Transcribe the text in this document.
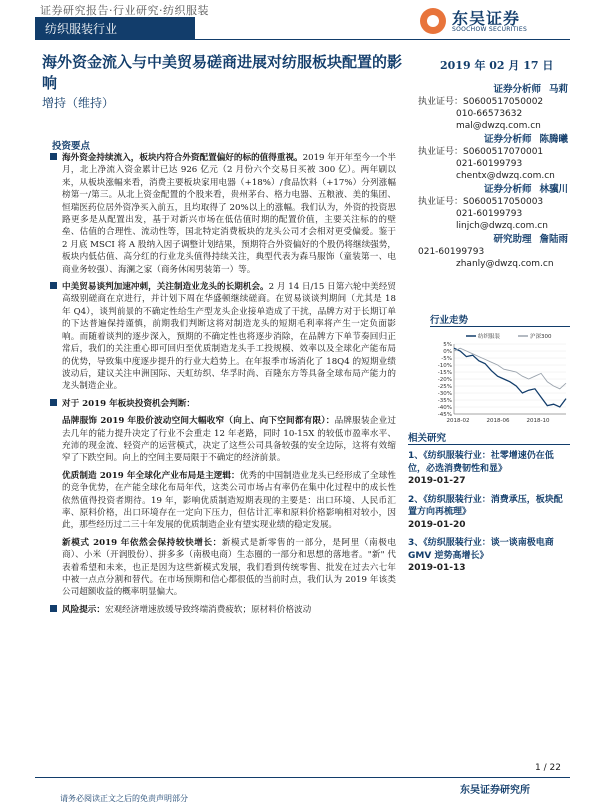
证券研究报告·行业研究·纺织服装
纺织服装行业
东吴证券
SOOCHOW SECURITIES
海外资金流入与中美贸易磋商进展对纺服板块配置的影响
增持（维持）
2019 年 02 月 17 日
证券分析师 马莉
执业证号：S0600517050002
010-66573632
mal@dwzq.com.cn
证券分析师 陈腾曦
执业证号：S0600517070001
021-60199793
chentx@dwzq.com.cn
证券分析师 林骥川
执业证号：S0600517050003
021-60199793
linjch@dwzq.com.cn
研究助理 詹陆雨
021-60199793
zhanly@dwzq.com.cn
投资要点
海外资金持续流入，板块内符合外资配置偏好的标的值得重视。2019 年开年至今一个半月，北上净流入资金累计已达 926 亿元（2 月份六个交易日买被 300 亿）。两年刷以来，从板块涨幅来看，消费主要板块家用电器（+18%）/食品饮料（+17%）分列涨幅榜第一/第三。从北上资金配置的个股来看，贵州茅台、格力电器、五粮液、美的集团、恒瑞医药位居外资净买入前五，且均取得了 20%以上的涨幅。我们认为，外资的投资思路更多是从配置出发，基于对新兴市场在低估值时期的配置价值，主要关注标的的壁垒、估值的合理性、流动性等，国北特定消费板块的龙头公司才会相对更受偏爱。鉴于 2 月底 MSCI 将 A 股纳入因子调整计划结果，预期符合外资偏好的个股仍将继续强势，板块内低估值、高分红的行业龙头值得持续关注，典型代表为森马服饰（童装第一、电商业务较强）、海澜之家（商务休闲男装第一）等。
中美贸易谈判加速冲刺，关注制造业龙头的长期机会。2 月 14 日/15 日第六轮中美经贸高级别磋商在京进行，并计划下周在华盛顿继续磋商。在贸易谈谈判期间（尤其是 18 年 Q4），谈判前景的不确定性给生产型龙头企业接单造成了干扰，品牌方对于长期订单的下达普遍保持谨慎，前期我们判断这将对制造龙头的短期毛利率将产生一定负面影响。而随着谈判的逐步深入，预期的不确定性也将逐步消除，在品牌方下单节奏回归正常后，我们的关注重心即可回归至优质制造龙头手工投规模、效率以及全球化产能布局的优势，导致集中度逐步提升的行业大趋势上。在年报季市场消化了 18Q4 的短期业绩波动后，建议关注申洲国际、天虹纺织、华孚时尚、百隆东方等具备全球布局产能力的龙头制造企业。
对于 2019 年板块投资机会判断：
品牌服饰 2019 年股价波动空间大幅收窄（向上、向下空间都有限）：品牌服装企业过去几年的能力提升决定了行业不会重走 12 年老路，同时 10-15X 的较低市盈率水平、充沛的现金流、轻资产的运营模式，决定了这些公司具备较强的安全边际，这将有效缩窄了下跌空间。向上的空间主要局限于不确定的经济前景。
优质制造 2019 年全球化产业布局是主逻辑：优秀的中国制造业龙头已经形成了全球性的竞争优势，在产能全球化布局年代，这类公司市场占有率仍在集中化过程中的成长性依然值得投资者期待。19 年，影响优质制造短期表现的主要是：出口环境、人民币汇率、原料价格，出口环境存在一定向下压力，但估计汇率和原料价格影响相对较小，因此，那些经历过二三十年发展的优质制造企业有望实现业绩的稳定发展。
新模式 2019 年依然会保持较快增长：新模式是新零售的一部分，是阿里（南极电商）、小米（开润股份）、拼多多（南极电商）生态圈的一部分和思想的落地者。"新" 代表着希望和未来，也正是因为这些新模式发展，我们看到传统零售、批发在过去六七年中被一点点分割和替代。在市场预期和信心都很低的当前时点，我们认为 2019 年该类公司超额收益的概率明显偏大。
风险提示：宏观经济增速放缓导致终端消费疲软；原材料价格波动
行业走势
5%
0%
-5%
-10%
-15%
-20%
-25%
-30%
-35%
-40%
-45%
2018-02	2018-06	2018-10
纺织服装	沪深300
相关研究
1、《纺织服装行业：社零增速仍在低位，必选消费韧性和显》
2019-01-27
2、《纺织服装行业：消费承压，板块配置方向再梳理》
2019-01-20
3、《纺织服装行业：谈一谈南极电商 GMV 逆势高增长》
2019-01-13
1 / 22
东吴证券研究所
请务必阅读正文之后的免责声明部分
